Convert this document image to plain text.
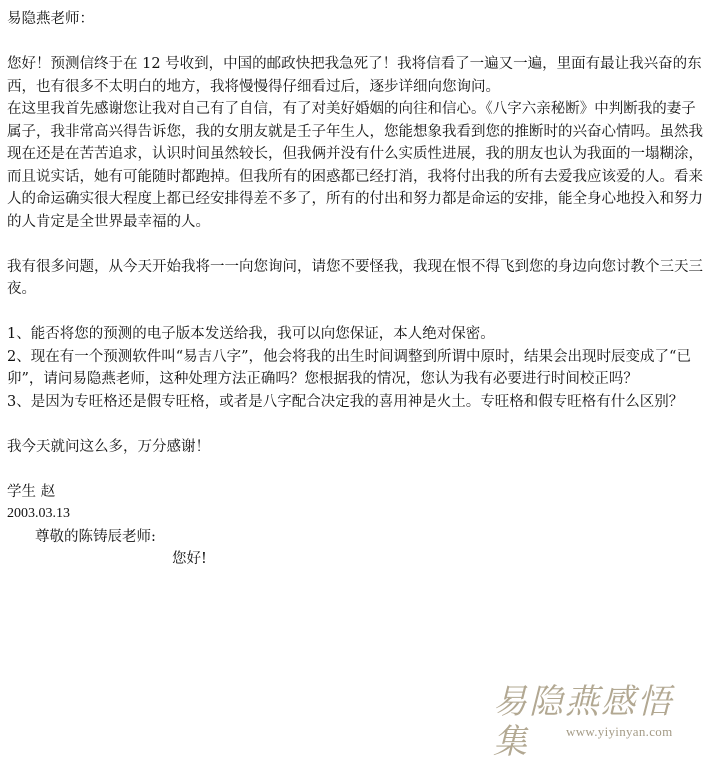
易隐燕老师：

您好！预测信终于在 12 号收到，中国的邮政快把我急死了！我将信看了一遍又一遍，里面有最让我兴奋的东西，也有很多不太明白的地方，我将慢慢得仔细看过后，逐步详细向您询问。

在这里我首先感谢您让我对自己有了自信，有了对美好婚姻的向往和信心。《八字六亲秘断》中判断我的妻子属子，我非常高兴得告诉您，我的女朋友就是壬子年生人，您能想象我看到您的推断时的兴奋心情吗。虽然我现在还是在苦苦追求，认识时间虽然较长，但我俩并没有什么实质性进展，我的朋友也认为我面的一塌糊涂，而且说实话，她有可能随时都跑掉。但我所有的困惑都已经打消，我将付出我的所有去爱我应该爱的人。看来人的命运确实很大程度上都已经安排得差不多了，所有的付出和努力都是命运的安排，能全身心地投入和努力的人肯定是全世界最幸福的人。

我有很多问题，从今天开始我将一一向您询问，请您不要怪我，我现在恨不得飞到您的身边向您讨教个三天三夜。

1、能否将您的预测的电子版本发送给我，我可以向您保证，本人绝对保密。

2、现在有一个预测软件叫“易吉八字”，他会将我的出生时间调整到所谓中原时，结果会出现时辰变成了“已卯”，请问易隐燕老师，这种处理方法正确吗？您根据我的情况，您认为我有必要进行时间校正吗？

3、是因为专旺格还是假专旺格，或者是八字配合决定我的喜用神是火土。专旺格和假专旺格有什么区别？

我今天就问这么多，万分感谢！

学生 赵

2003.03.13

尊敬的陈铸辰老师:

您好!

易隐燕感悟集	www.yiyinyan.com
